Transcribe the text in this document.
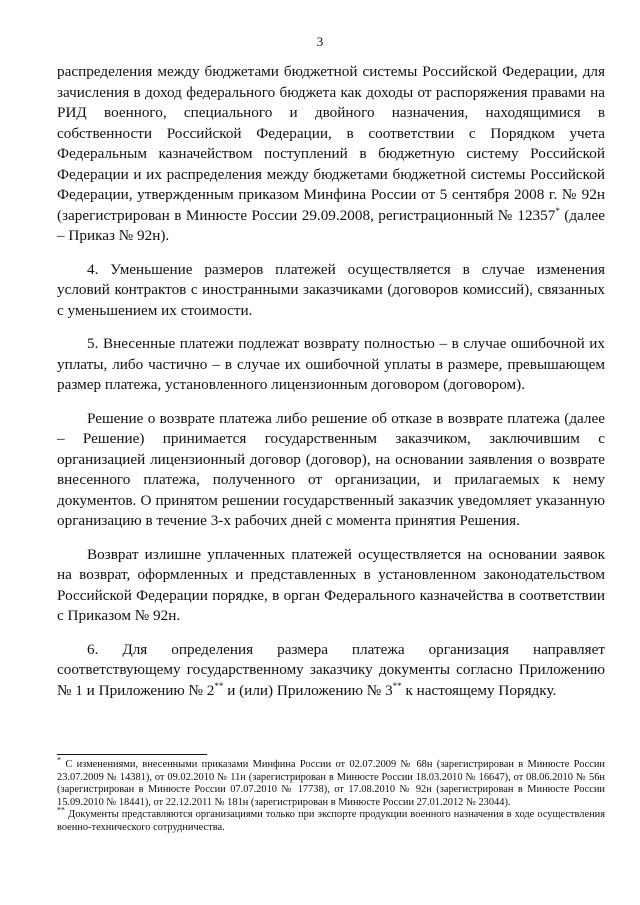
3

распределения между бюджетами бюджетной системы Российской Федерации, для зачисления в доход федерального бюджета как доходы от распоряжения правами на РИД военного, специального и двойного назначения, находящимися в собственности Российской Федерации, в соответствии с Порядком учета Федеральным казначейством поступлений в бюджетную систему Российской Федерации и их распределения между бюджетами бюджетной системы Российской Федерации, утвержденным приказом Минфина России от 5 сентября 2008 г. № 92н (зарегистрирован в Минюсте России 29.09.2008, регистрационный № 12357* (далее – Приказ № 92н).

4. Уменьшение размеров платежей осуществляется в случае изменения условий контрактов с иностранными заказчиками (договоров комиссий), связанных с уменьшением их стоимости.

5. Внесенные платежи подлежат возврату полностью – в случае ошибочной их уплаты, либо частично – в случае их ошибочной уплаты в размере, превышающем размер платежа, установленного лицензионным договором (договором).

Решение о возврате платежа либо решение об отказе в возврате платежа (далее – Решение) принимается государственным заказчиком, заключившим с организацией лицензионный договор (договор), на основании заявления о возврате внесенного платежа, полученного от организации, и прилагаемых к нему документов. О принятом решении государственный заказчик уведомляет указанную организацию в течение 3-х рабочих дней с момента принятия Решения.

Возврат излишне уплаченных платежей осуществляется на основании заявок на возврат, оформленных и представленных в установленном законодательством Российской Федерации порядке, в орган Федерального казначейства в соответствии с Приказом № 92н.

6. Для определения размера платежа организация направляет соответствующему государственному заказчику документы согласно Приложению № 1 и Приложению № 2** и (или) Приложению № 3** к настоящему Порядку.

* С изменениями, внесенными приказами Минфина России от 02.07.2009 № 68н (зарегистрирован в Минюсте России 23.07.2009 № 14381), от 09.02.2010 № 11н (зарегистрирован в Минюсте России 18.03.2010 № 16647), от 08.06.2010 № 56н (зарегистрирован в Минюсте России 07.07.2010 № 17738), от 17.08.2010 № 92н (зарегистрирован в Минюсте России 15.09.2010 № 18441), от 22.12.2011 № 181н (зарегистрирован в Минюсте России 27.01.2012 № 23044).

** Документы представляются организациями только при экспорте продукции военного назначения в ходе осуществления военно-технического сотрудничества.
